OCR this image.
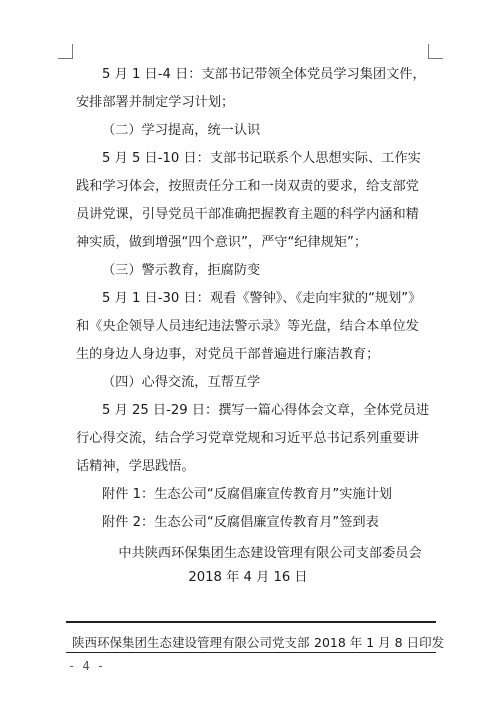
5 月 1 日-4 日：支部书记带领全体党员学习集团文件，
安排部署并制定学习计划；
（二）学习提高，统一认识
5 月 5 日-10 日：支部书记联系个人思想实际、工作实
践和学习体会，按照责任分工和一岗双责的要求，给支部党
员讲党课，引导党员干部准确把握教育主题的科学内涵和精
神实质，做到增强“四个意识”，严守“纪律规矩”；
（三）警示教育，拒腐防变
5 月 1 日-30 日：观看《警钟》、《走向牢狱的“规划”》
和《央企领导人员违纪违法警示录》等光盘，结合本单位发
生的身边人身边事，对党员干部普遍进行廉洁教育；
（四）心得交流，互帮互学
5 月 25 日-29 日：撰写一篇心得体会文章，全体党员进
行心得交流，结合学习党章党规和习近平总书记系列重要讲
话精神，学思践悟。
附件 1：生态公司“反腐倡廉宣传教育月”实施计划
附件 2：生态公司“反腐倡廉宣传教育月”签到表
中共陕西环保集团生态建设管理有限公司支部委员会
2018 年 4 月 16 日
陕西环保集团生态建设管理有限公司党支部 2018 年 1 月 8 日印发
- 4 -
